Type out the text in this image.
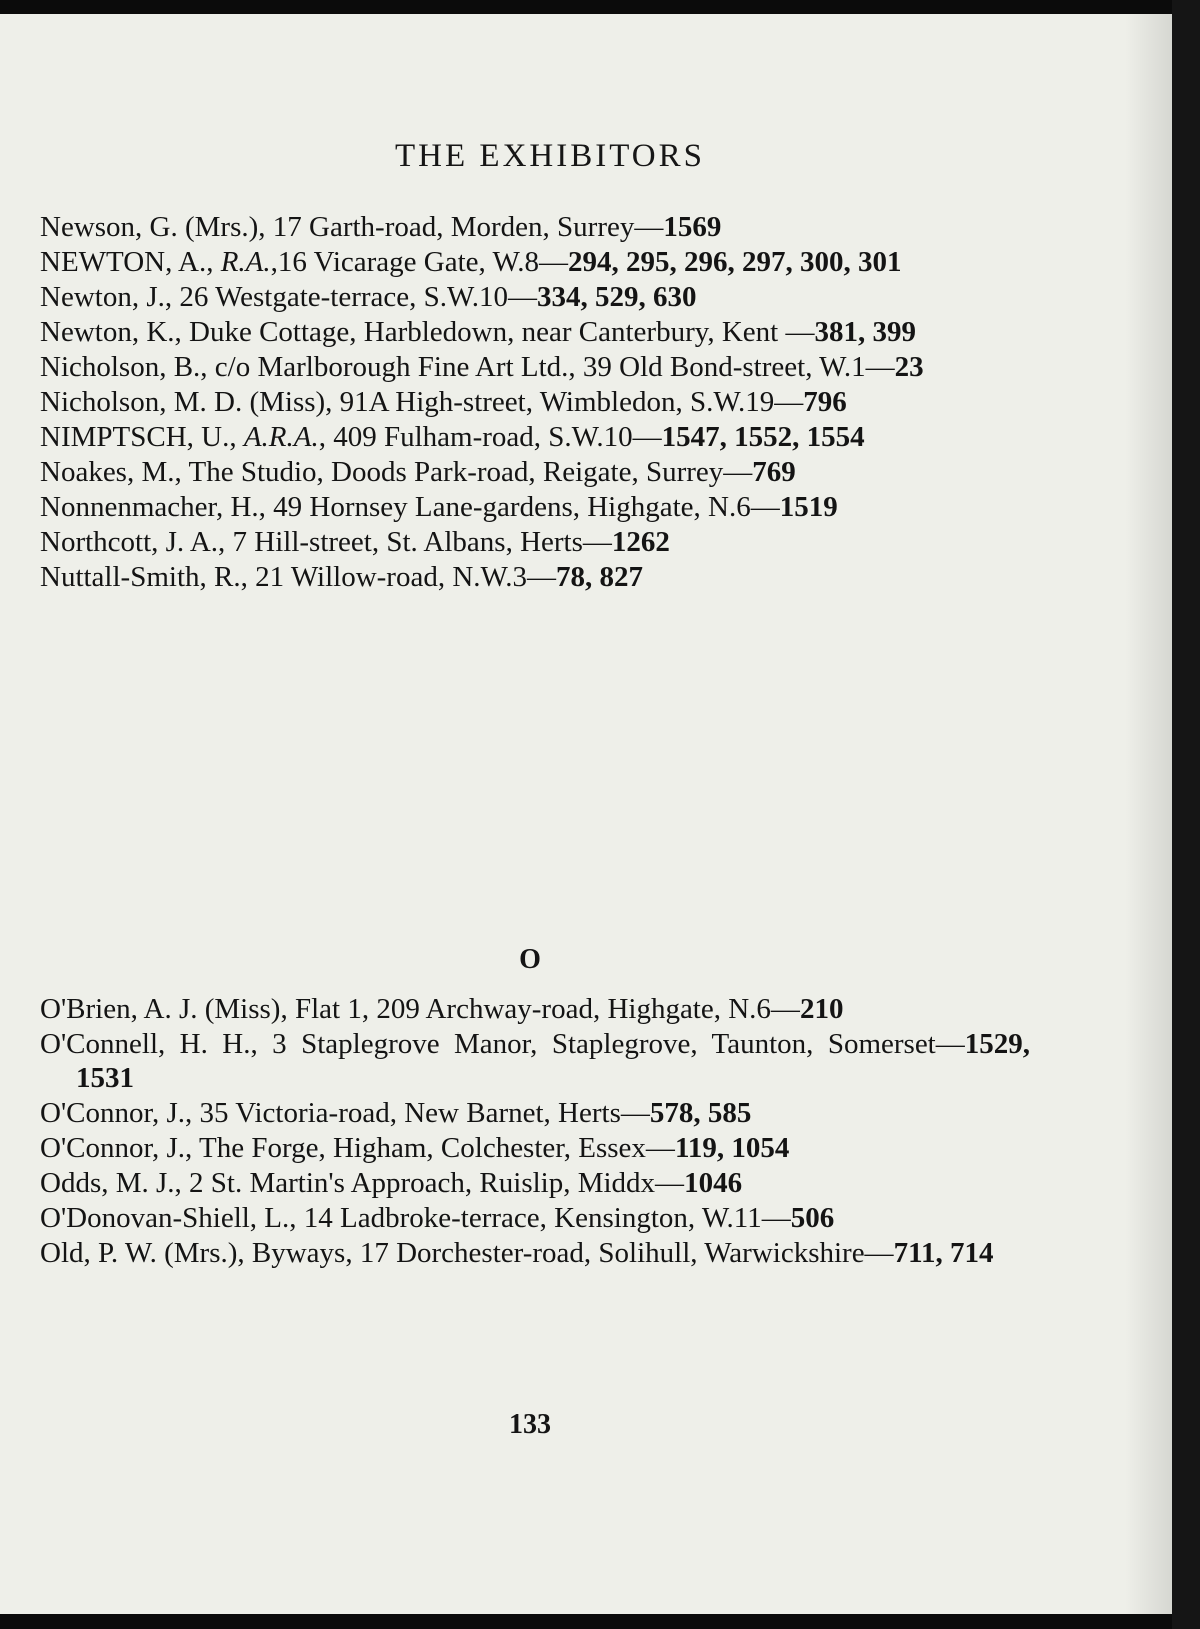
THE EXHIBITORS

Newson, G. (Mrs.), 17 Garth-road, Morden, Surrey—1569

NEWTON, A., R.A.,16 Vicarage Gate, W.8—294, 295, 296, 297, 300, 301

Newton, J., 26 Westgate-terrace, S.W.10—334, 529, 630

Newton, K., Duke Cottage, Harbledown, near Canterbury, Kent —381, 399

Nicholson, B., c/o Marlborough Fine Art Ltd., 39 Old Bond-street, W.1—23

Nicholson, M. D. (Miss), 91A High-street, Wimbledon, S.W.19—796

NIMPTSCH, U., A.R.A., 409 Fulham-road, S.W.10—1547, 1552, 1554

Noakes, M., The Studio, Doods Park-road, Reigate, Surrey—769

Nonnenmacher, H., 49 Hornsey Lane-gardens, Highgate, N.6—1519

Northcott, J. A., 7 Hill-street, St. Albans, Herts—1262

Nuttall-Smith, R., 21 Willow-road, N.W.3—78, 827

O

O'Brien, A. J. (Miss), Flat 1, 209 Archway-road, Highgate, N.6—210

O'Connell, H. H., 3 Staplegrove Manor, Staplegrove, Taunton, Somerset—1529, 1531

O'Connor, J., 35 Victoria-road, New Barnet, Herts—578, 585

O'Connor, J., The Forge, Higham, Colchester, Essex—119, 1054

Odds, M. J., 2 St. Martin's Approach, Ruislip, Middx—1046

O'Donovan-Shiell, L., 14 Ladbroke-terrace, Kensington, W.11—506

Old, P. W. (Mrs.), Byways, 17 Dorchester-road, Solihull, Warwickshire—711, 714

133
